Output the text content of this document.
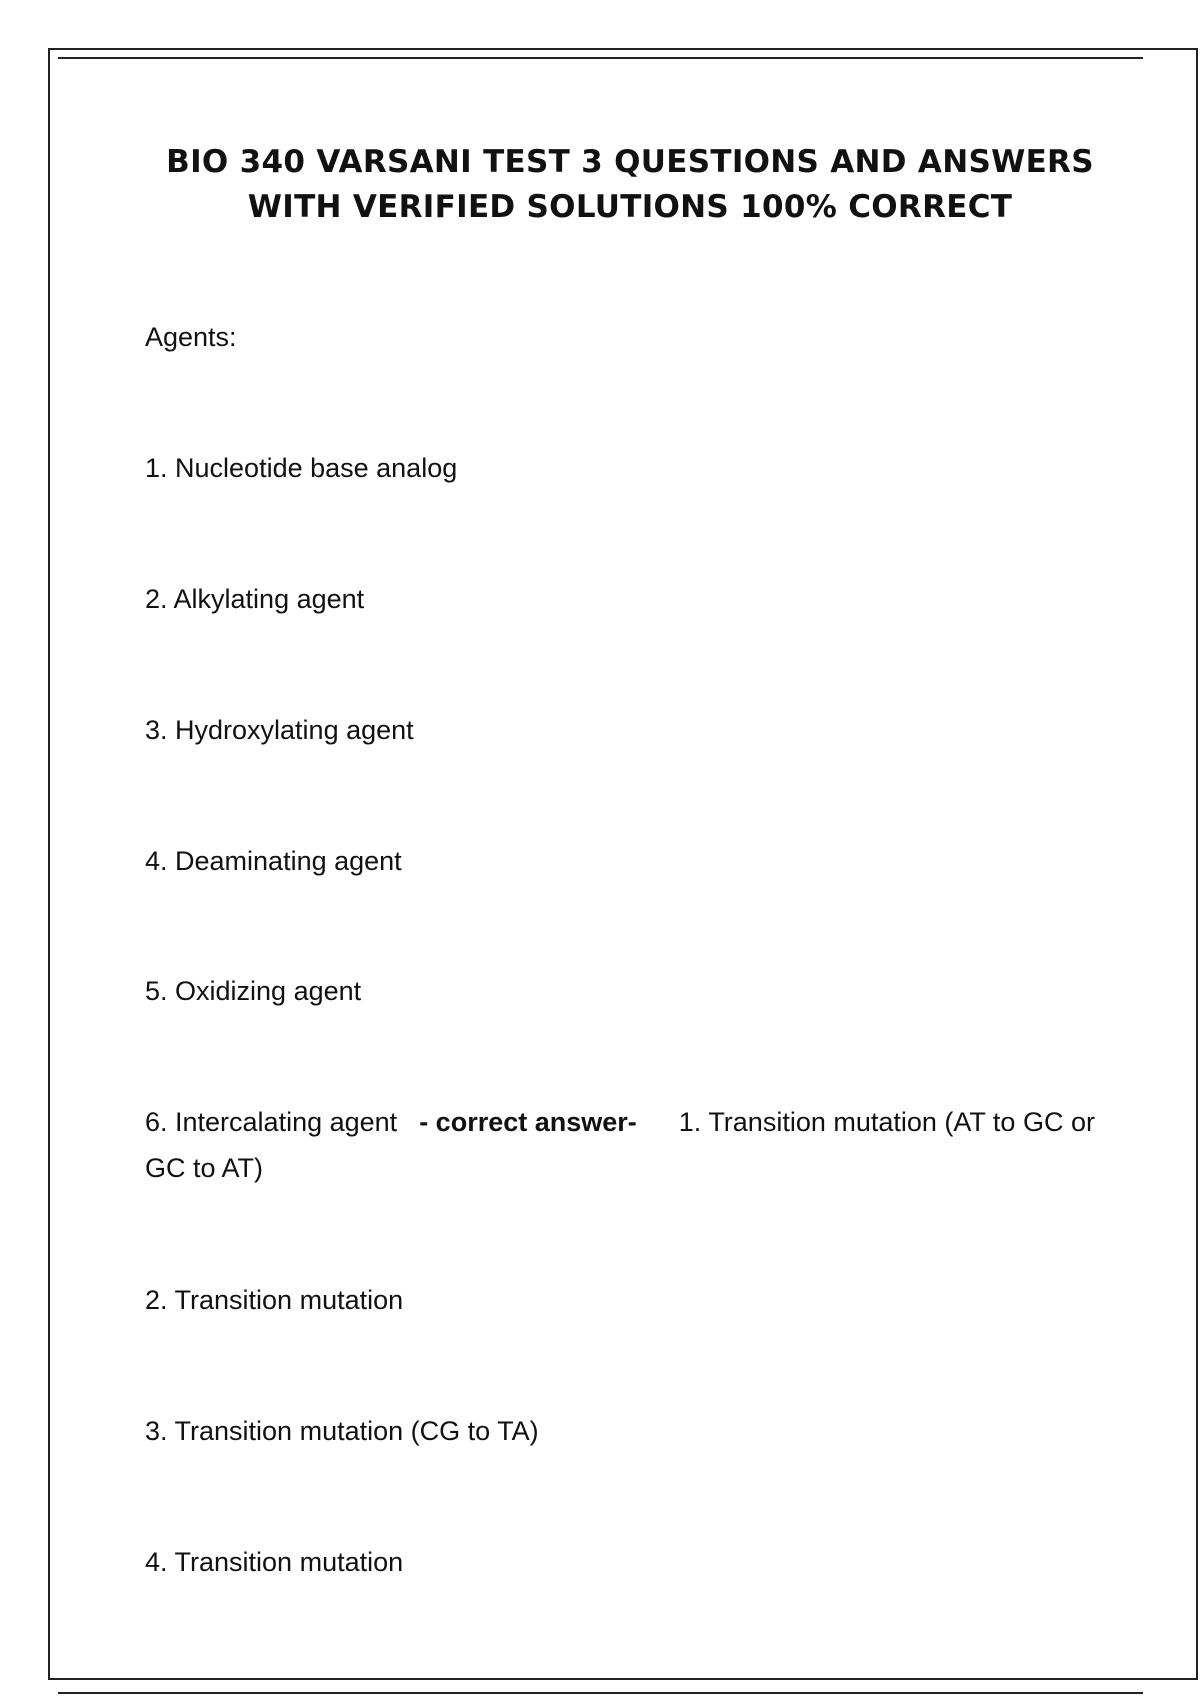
BIO 340 VARSANI TEST 3 QUESTIONS AND ANSWERS
WITH VERIFIED SOLUTIONS 100% CORRECT
Agents:
1. Nucleotide base analog
2. Alkylating agent
3. Hydroxylating agent
4. Deaminating agent
5. Oxidizing agent
6. Intercalating agent - correct answer- 1. Transition mutation (AT to GC or GC to AT)
2. Transition mutation
3. Transition mutation (CG to TA)
4. Transition mutation
